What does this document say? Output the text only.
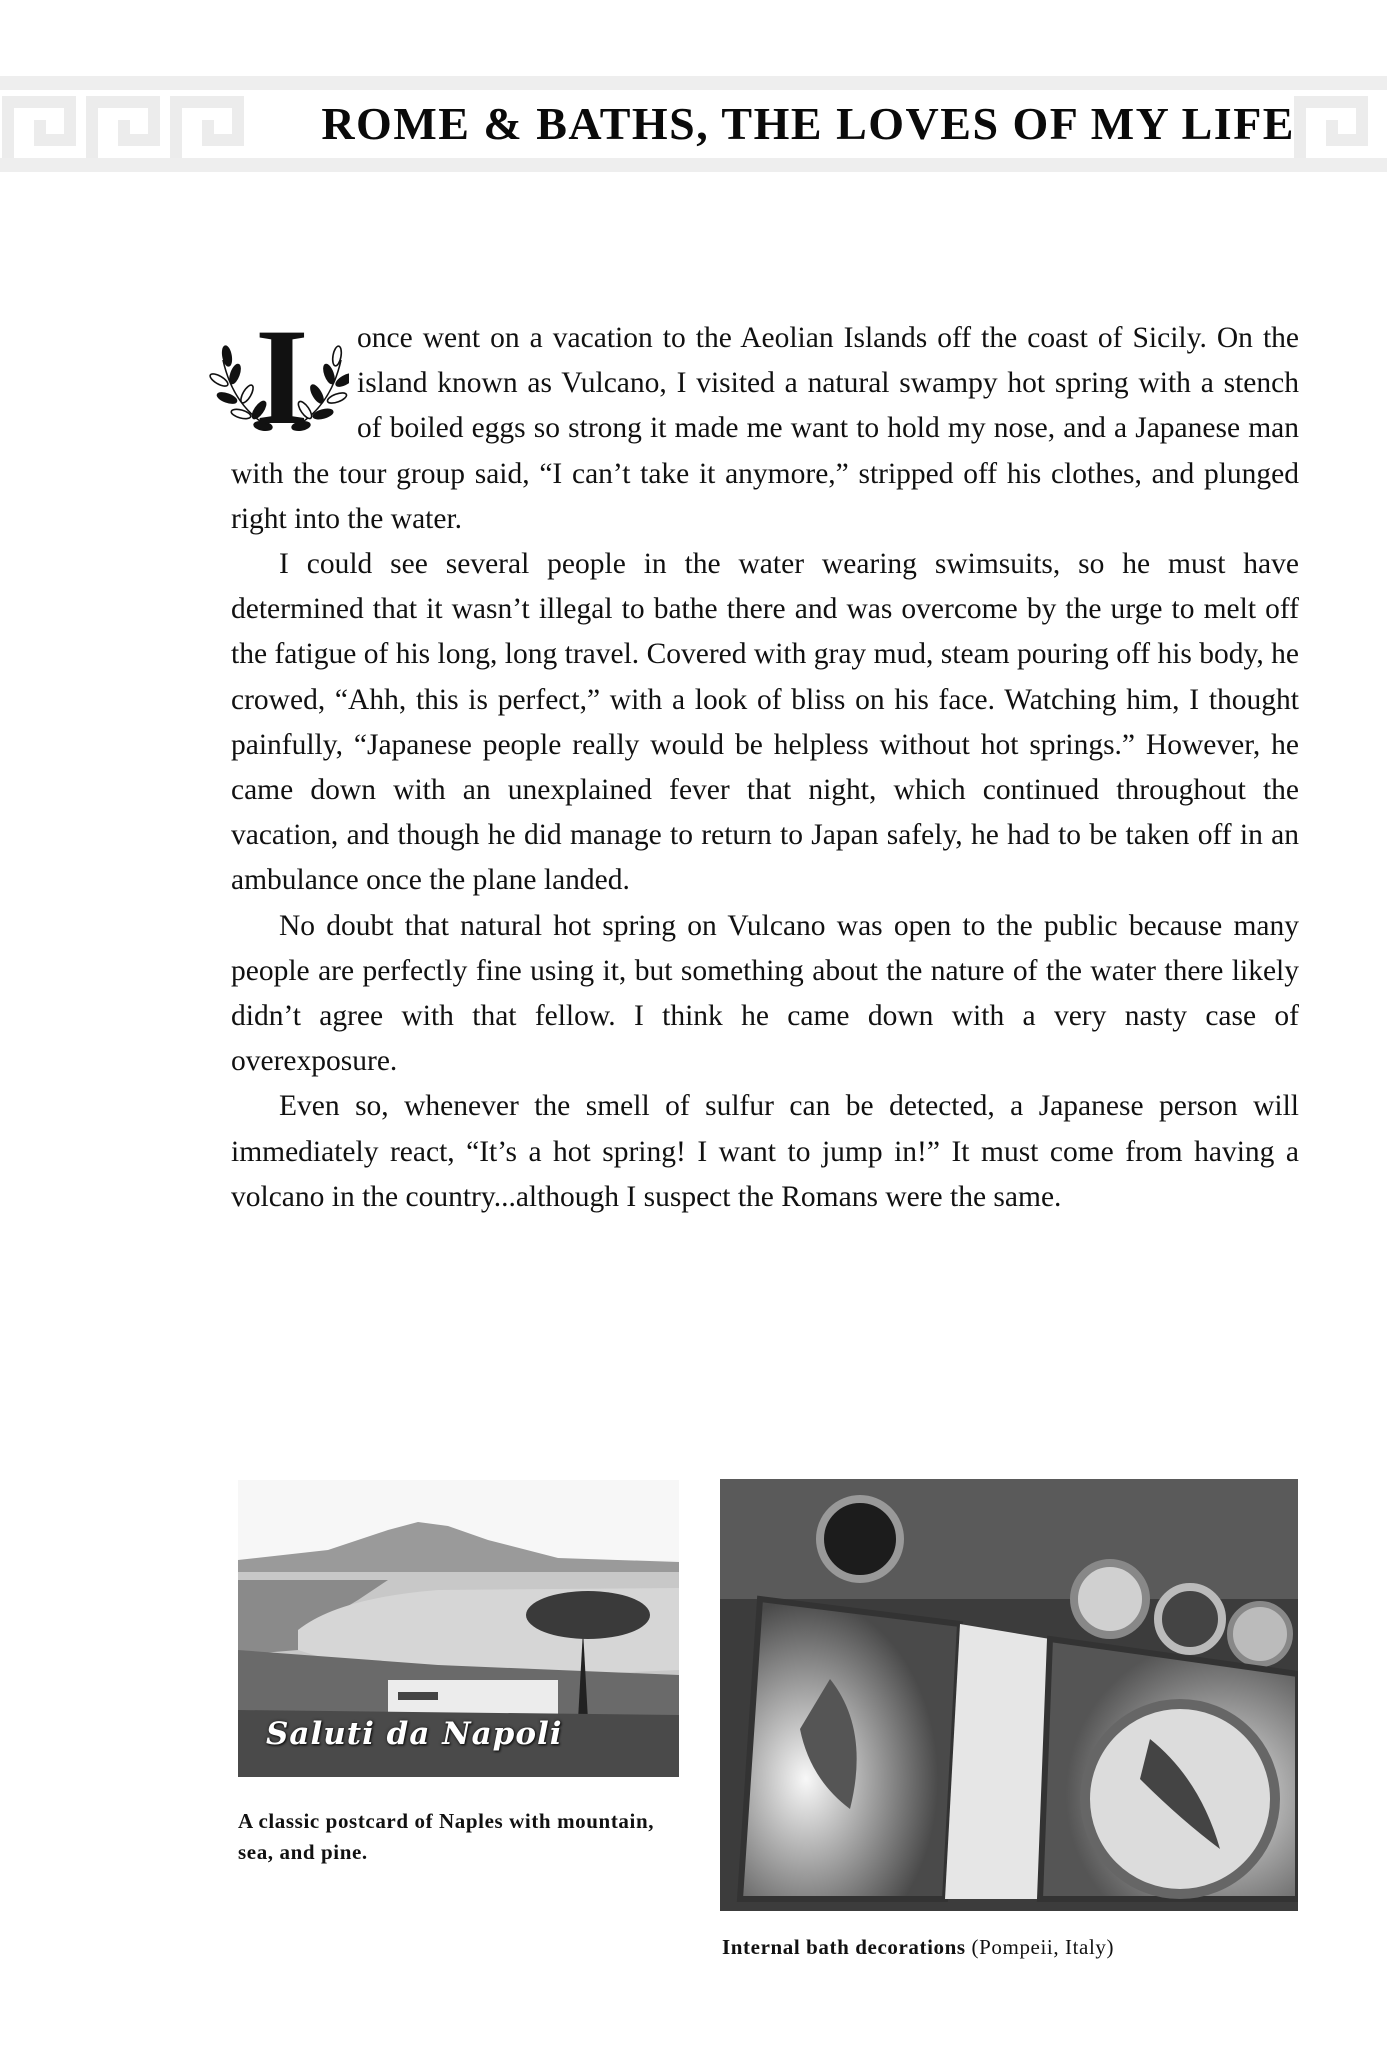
ROME & BATHS, THE LOVES OF MY LIFE

I once went on a vacation to the Aeolian Islands off the coast of Sicily. On the island known as Vulcano, I visited a natural swampy hot spring with a stench of boiled eggs so strong it made me want to hold my nose, and a Japanese man with the tour group said, “I can’t take it anymore,” stripped off his clothes, and plunged right into the water.

I could see several people in the water wearing swimsuits, so he must have determined that it wasn’t illegal to bathe there and was overcome by the urge to melt off the fatigue of his long, long travel. Covered with gray mud, steam pouring off his body, he crowed, “Ahh, this is perfect,” with a look of bliss on his face. Watching him, I thought painfully, “Japanese people really would be helpless without hot springs.” However, he came down with an unexplained fever that night, which continued throughout the vacation, and though he did manage to return to Japan safely, he had to be taken off in an ambulance once the plane landed.

No doubt that natural hot spring on Vulcano was open to the public because many people are perfectly fine using it, but something about the nature of the water there likely didn’t agree with that fellow. I think he came down with a very nasty case of overexposure.

Even so, whenever the smell of sulfur can be detected, a Japanese person will immediately react, “It’s a hot spring! I want to jump in!” It must come from having a volcano in the country...although I suspect the Romans were the same.

Saluti da Napoli
A classic postcard of Naples with mountain, sea, and pine.
Internal bath decorations (Pompeii, Italy)
